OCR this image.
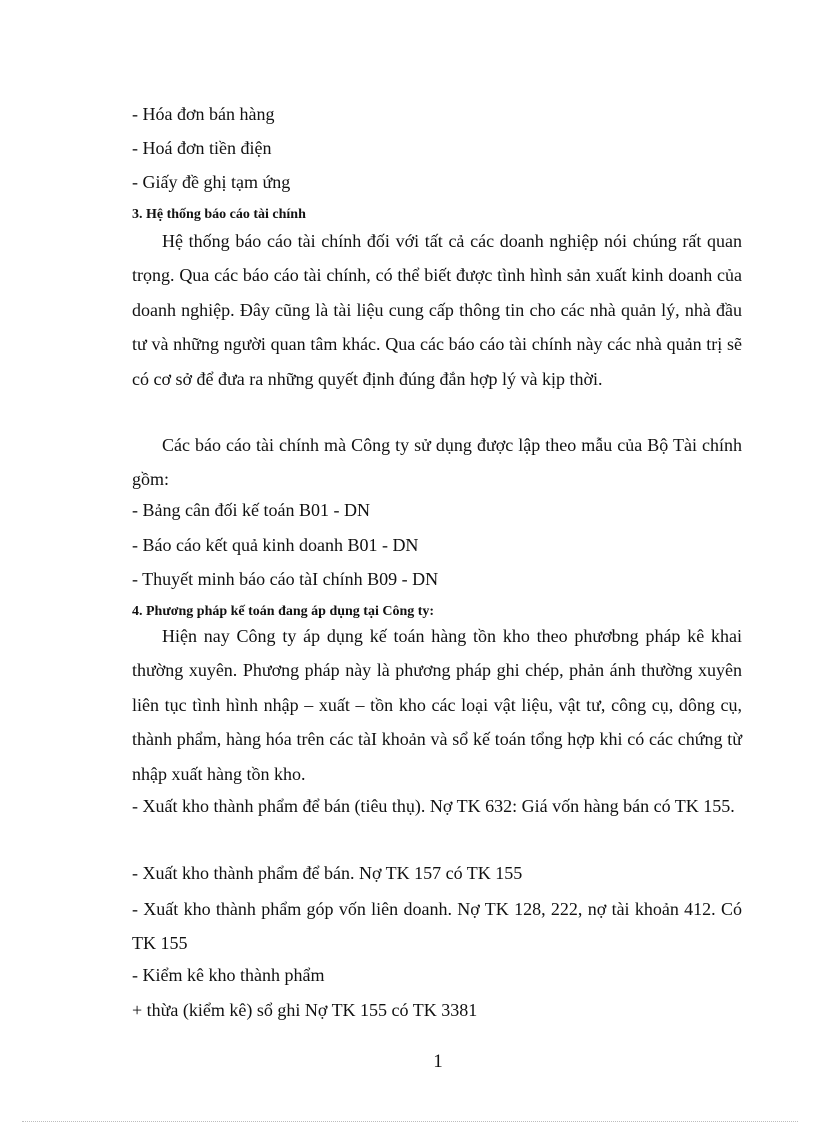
- Hóa đơn bán hàng

- Hoá đơn tiền điện

- Giấy đề ghị tạm ứng

3. Hệ thống báo cáo tài chính

Hệ thống báo cáo tài chính đối với tất cả các doanh nghiệp nói chúng rất quan trọng. Qua các báo cáo tài chính, có thể biết được tình hình sản xuất kinh doanh của doanh nghiệp. Đây cũng là tài liệu cung cấp thông tin cho các nhà quản lý, nhà đầu tư và những người quan tâm khác. Qua các báo cáo tài chính này các nhà quản trị sẽ có cơ sở để đưa ra những quyết định đúng đắn hợp lý và kịp thời.

Các báo cáo tài chính mà Công ty sử dụng được lập theo mẫu của Bộ Tài chính gồm:

- Bảng cân đối kế toán B01 - DN

- Báo cáo kết quả kinh doanh B01 - DN

- Thuyết minh báo cáo tàI chính B09 - DN

4. Phương pháp kế toán đang áp dụng tại Công ty:

Hiện nay Công ty áp dụng kế toán hàng tồn kho theo phươbng pháp kê khai thường xuyên. Phương pháp này là phương pháp ghi chép, phản ánh thường xuyên liên tục tình hình nhập – xuất – tồn kho các loại vật liệu, vật tư, công cụ, dông cụ, thành phẩm, hàng hóa trên các tàI khoản và sổ kế toán tổng hợp khi có các chứng từ nhập xuất hàng tồn kho.

- Xuất kho thành phẩm để bán (tiêu thụ). Nợ TK 632: Giá vốn hàng bán có TK 155.

- Xuất kho thành phẩm để bán. Nợ TK 157 có TK 155

- Xuất kho thành phẩm góp vốn liên doanh. Nợ TK 128, 222, nợ tài khoản 412. Có TK 155

- Kiểm kê kho thành phẩm

+ thừa (kiểm kê) sổ ghi Nợ TK 155 có TK 3381

1
